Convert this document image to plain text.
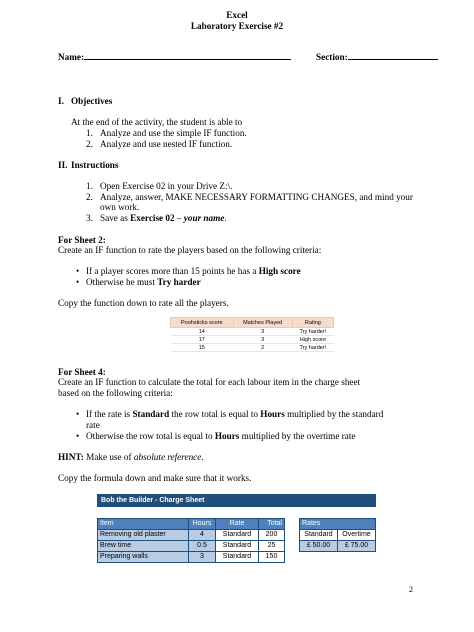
Excel
Laboratory Exercise #2
Name:	Section:
I. Objectives
At the end of the activity, the student is able to
1. Analyze and use the simple IF function.
2. Analyze and use nested IF function.
II. Instructions
1. Open Exercise 02 in your Drive Z:\.
2. Analyze, answer, MAKE NECESSARY FORMATTING CHANGES, and mind your
own work.
3. Save as Exercise 02 – your name.
For Sheet 2:
Create an IF function to rate the players based on the following criteria:
• If a player scores more than 15 points he has a High score
• Otherwise he must Try harder
Copy the function down to rate all the players.
Poohsticks score	Matches Played	Rating
14	3	Try harder!
17	3	High score
15	2	Try harder!
For Sheet 4:
Create an IF function to calculate the total for each labour item in the charge sheet
based on the following criteria:
• If the rate is Standard the row total is equal to Hours multiplied by the standard
rate
• Otherwise the row total is equal to Hours multiplied by the overtime rate
HINT: Make use of absolute reference.
Copy the formula down and make sure that it works.
Bob the Builder - Charge Sheet
Item	Hours	Rate	Total
Removing old plaster	4	Standard	200
Brew time	0.5	Standard	25
Preparing walls	3	Standard	150
Rates	
Standard	Overtime
£ 50.00	£ 75.00
2
